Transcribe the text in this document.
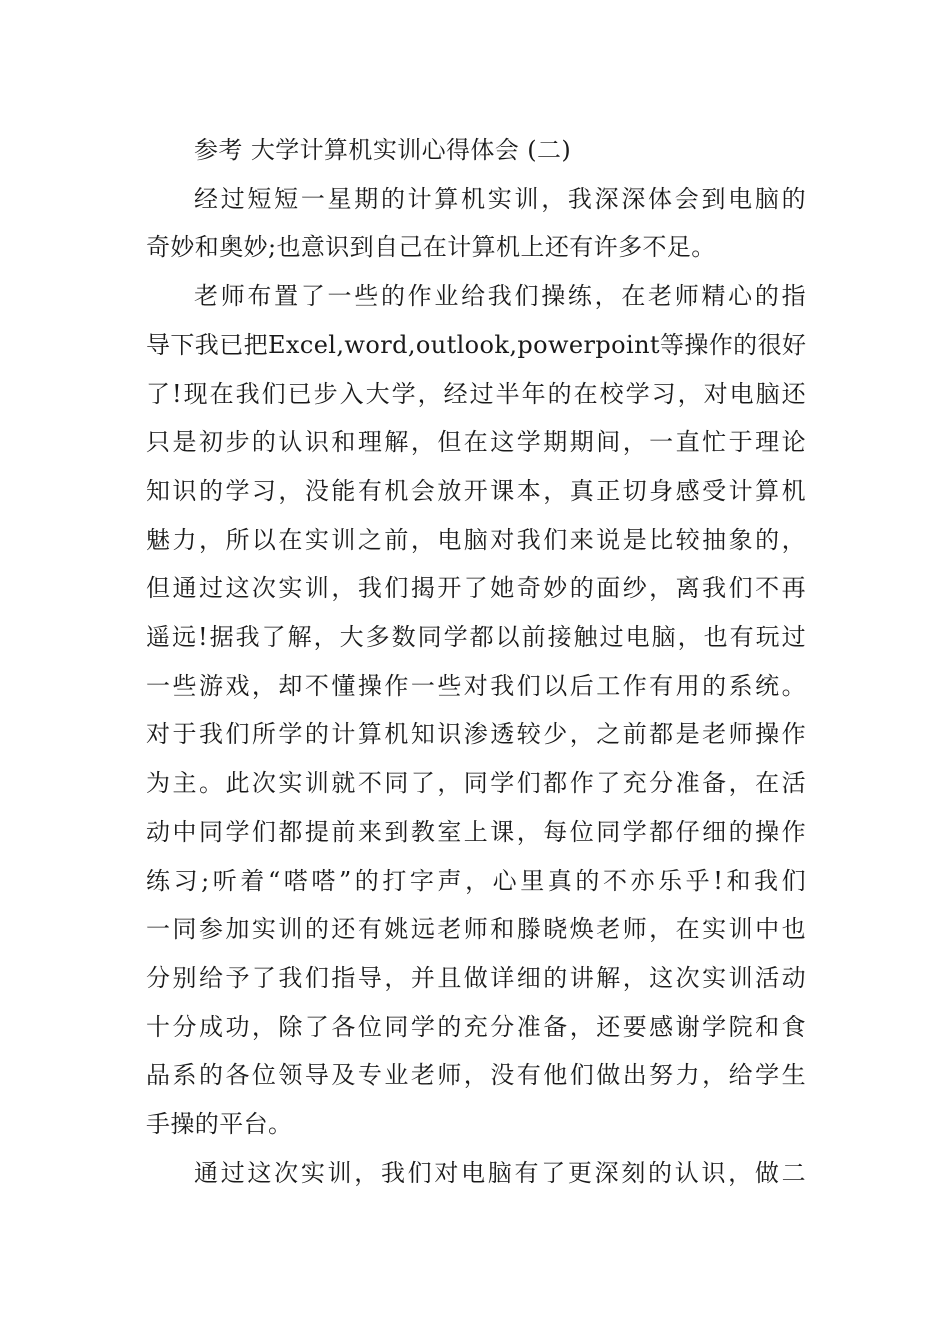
参考 大学计算机实训心得体会 (二)

经过短短一星期的计算机实训，我深深体会到电脑的
奇妙和奥妙;也意识到自己在计算机上还有许多不足。

老师布置了一些的作业给我们操练，在老师精心的指
导下我已把Excel,word,outlook,powerpoint等操作的很好
了!现在我们已步入大学，经过半年的在校学习，对电脑还
只是初步的认识和理解，但在这学期期间，一直忙于理论
知识的学习，没能有机会放开课本，真正切身感受计算机
魅力，所以在实训之前，电脑对我们来说是比较抽象的，
但通过这次实训，我们揭开了她奇妙的面纱，离我们不再
遥远!据我了解，大多数同学都以前接触过电脑，也有玩过
一些游戏，却不懂操作一些对我们以后工作有用的系统。
对于我们所学的计算机知识渗透较少，之前都是老师操作
为主。此次实训就不同了，同学们都作了充分准备，在活
动中同学们都提前来到教室上课，每位同学都仔细的操作
练习;听着“嗒嗒”的打字声，心里真的不亦乐乎!和我们
一同参加实训的还有姚远老师和滕晓焕老师，在实训中也
分别给予了我们指导，并且做详细的讲解，这次实训活动
十分成功，除了各位同学的充分准备，还要感谢学院和食
品系的各位领导及专业老师，没有他们做出努力，给学生
手操的平台。

通过这次实训，我们对电脑有了更深刻的认识，做二
